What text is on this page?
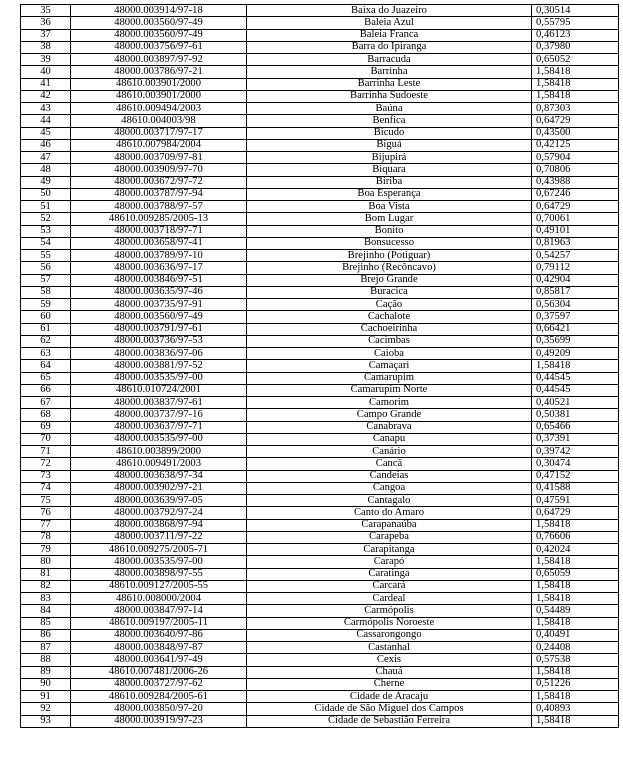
35	48000.003914/97-18	Baixa do Juazeiro	0,30514
36	48000.003560/97-49	Baleia Azul	0,55795
37	48000.003560/97-49	Baleia Franca	0,46123
38	48000.003756/97-61	Barra do Ipiranga	0,37980
39	48000.003897/97-92	Barracuda	0,65052
40	48000.003786/97-21	Barrinha	1,58418
41	48610.003901/2000	Barrinha Leste	1,58418
42	48610.003901/2000	Barrinha Sudoeste	1,58418
43	48610.009494/2003	Baúna	0,87303
44	48610.004003/98	Benfica	0,64729
45	48000.003717/97-17	Bicudo	0,43500
46	48610.007984/2004	Biguá	0,42125
47	48000.003709/97-81	Bijupirá	0,57904
48	48000.003909/97-70	Biquara	0,70806
49	48000.003672/97-72	Biriba	0,43988
50	48000.003787/97-94	Boa Esperança	0,67246
51	48000.003788/97-57	Boa Vista	0,64729
52	48610.009285/2005-13	Bom Lugar	0,70061
53	48000.003718/97-71	Bonito	0,49101
54	48000.003658/97-41	Bonsucesso	0,81963
55	48000.003789/97-10	Brejinho (Potiguar)	0,54257
56	48000.003636/97-17	Brejinho (Recôncavo)	0,79112
57	48000.003846/97-51	Brejo Grande	0,42904
58	48000.003635/97-46	Buracica	0,85817
59	48000.003735/97-91	Cação	0,56304
60	48000.003560/97-49	Cachalote	0,37597
61	48000.003791/97-61	Cachoeirinha	0,66421
62	48000.003736/97-53	Cacimbas	0,35699
63	48000.003836/97-06	Caioba	0,49209
64	48000.003881/97-52	Camaçari	1,58418
65	48000.003535/97-00	Camarupim	0,44545
66	48610.010724/2001	Camarupim Norte	0,44545
67	48000.003837/97-61	Camorim	0,40521
68	48000.003737/97-16	Campo Grande	0,50381
69	48000.003637/97-71	Canabrava	0,65466
70	48000.003535/97-00	Canapu	0,37391
71	48610.003899/2000	Canário	0,39742
72	48610.009491/2003	Cancã	0,30474
73	48000.003638/97-34	Candeias	0,47152
74	48000.003902/97-21	Cangoa	0,41588
75	48000.003639/97-05	Cantagalo	0,47591
76	48000.003792/97-24	Canto do Amaro	0,64729
77	48000.003868/97-94	Carapanaúba	1,58418
78	48000.003711/97-22	Carapeba	0,76606
79	48610.009275/2005-71	Carapitanga	0,42024
80	48000.003535/97-00	Carapó	1,58418
81	48000.003898/97-55	Caratinga	0,65059
82	48610.009127/2005-55	Carcará	1,58418
83	48610.008000/2004	Cardeal	1,58418
84	48000.003847/97-14	Carmópolis	0,54489
85	48610.009197/2005-11	Carmópolis Noroeste	1,58418
86	48000.003640/97-86	Cassarongongo	0,40491
87	48000.003848/97-87	Castanhal	0,24408
88	48000.003641/97-49	Cexis	0,57538
89	48610.007481/2006-26	Chauá	1,58418
90	48000.003727/97-62	Cherne	0,51226
91	48610.009284/2005-61	Cidade de Aracaju	1,58418
92	48000.003850/97-20	Cidade de São Miguel dos Campos	0,40893
93	48000.003919/97-23	Cidade de Sebastião Ferreira	1,58418
